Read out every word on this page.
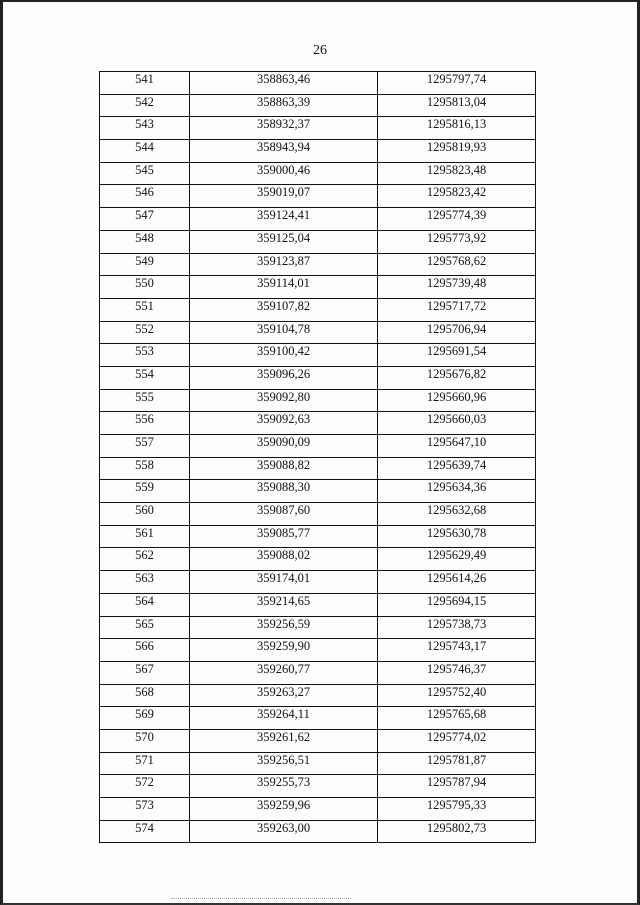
26
541	358863,46	1295797,74
542	358863,39	1295813,04
543	358932,37	1295816,13
544	358943,94	1295819,93
545	359000,46	1295823,48
546	359019,07	1295823,42
547	359124,41	1295774,39
548	359125,04	1295773,92
549	359123,87	1295768,62
550	359114,01	1295739,48
551	359107,82	1295717,72
552	359104,78	1295706,94
553	359100,42	1295691,54
554	359096,26	1295676,82
555	359092,80	1295660,96
556	359092,63	1295660,03
557	359090,09	1295647,10
558	359088,82	1295639,74
559	359088,30	1295634,36
560	359087,60	1295632,68
561	359085,77	1295630,78
562	359088,02	1295629,49
563	359174,01	1295614,26
564	359214,65	1295694,15
565	359256,59	1295738,73
566	359259,90	1295743,17
567	359260,77	1295746,37
568	359263,27	1295752,40
569	359264,11	1295765,68
570	359261,62	1295774,02
571	359256,51	1295781,87
572	359255,73	1295787,94
573	359259,96	1295795,33
574	359263,00	1295802,73
